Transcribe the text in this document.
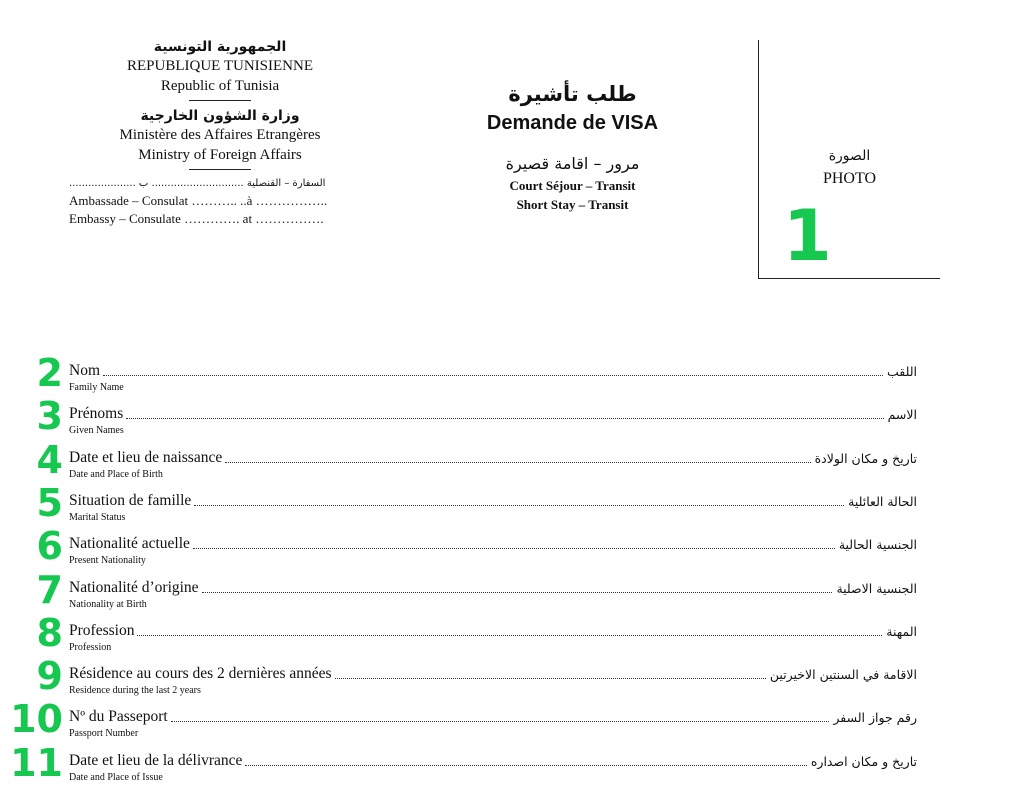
الجمهورية التونسية
REPUBLIQUE TUNISIENNE
Republic of Tunisia
وزارة الشؤون الخارجية
Ministère des Affaires Etrangères
Ministry of Foreign Affairs
السفارة – القنصلية ............................. ب .....................
Ambassade – Consulat ……….. ..à ……………..
Embassy – Consulate …………. at …………….
طلب تأشيرة
Demande de VISA
مرور – اقامة قصيرة
Court Séjour – Transit
Short Stay – Transit
الصورة
PHOTO
1
2 Nom
Family Name
اللقب
3 Prénoms
Given Names
الاسم
4 Date et lieu de naissance
Date and Place of Birth
تاريخ و مكان الولادة
5 Situation de famille
Marital Status
الحالة العائلية
6 Nationalité actuelle
Present Nationality
الجنسية الحالية
7 Nationalité d’origine
Nationality at Birth
الجنسية الاصلية
8 Profession
Profession
المهنة
9 Résidence au cours des 2 dernières années
Residence during the last 2 years
الاقامة في السنتين الاخيرتين
10 Nº du Passeport
Passport Number
رقم جواز السفر
11 Date et lieu de la délivrance
Date and Place of Issue
تاريخ و مكان اصداره
